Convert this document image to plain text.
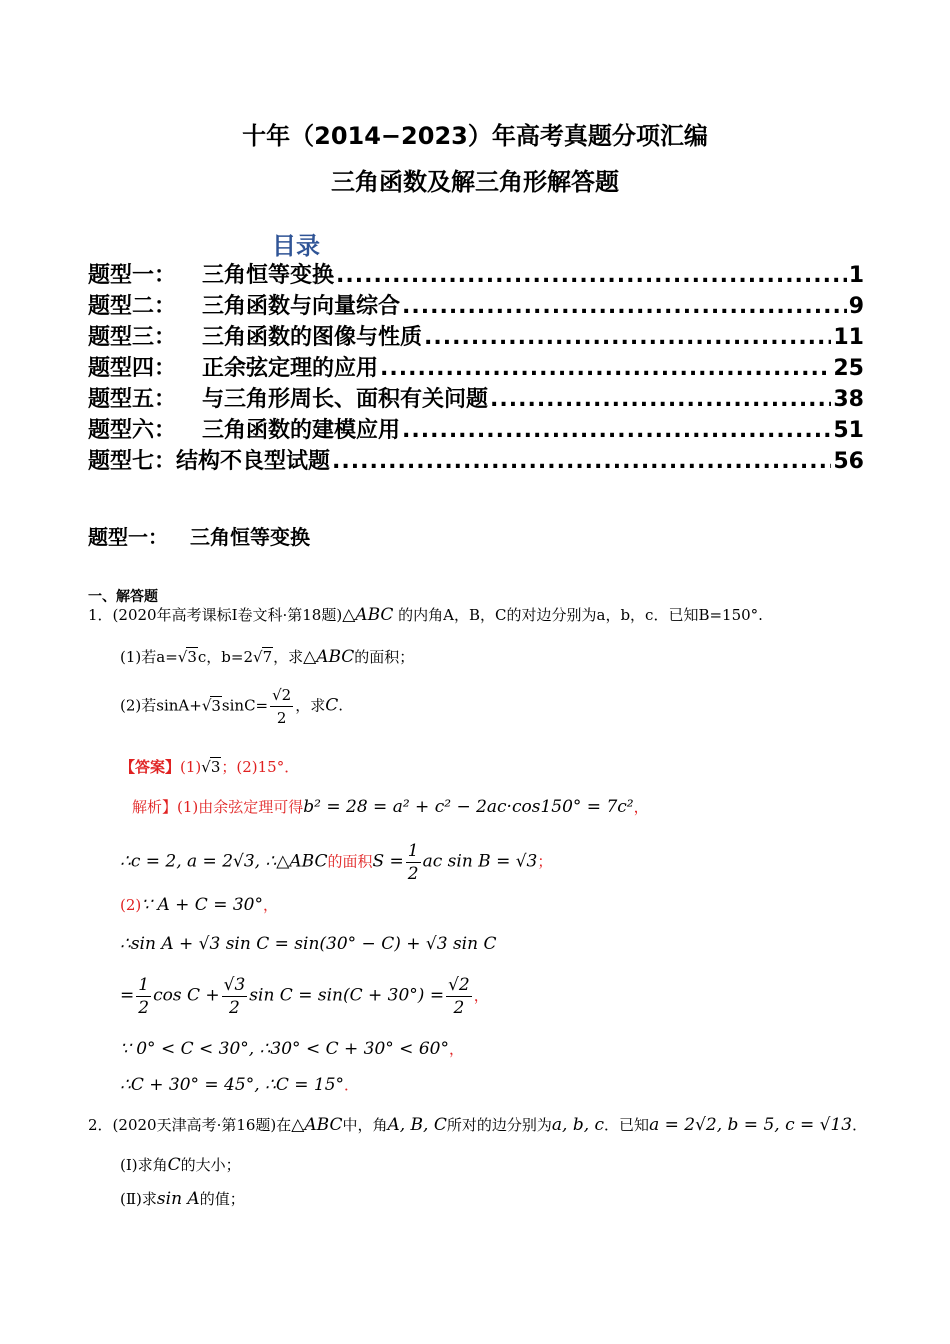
十年（2014−2023）年高考真题分项汇编
三角函数及解三角形解答题
目录
题型一： 三角恒等变换 .....	1
题型二： 三角函数与向量综合 .....	9
题型三： 三角函数的图像与性质 .....	11
题型四： 正余弦定理的应用 .....	25
题型五： 与三角形周长、面积有关问题 .....	38
题型六： 三角函数的建模应用 .....	51
题型七：结构不良型试题 .....	56
题型一： 三角恒等变换
一、解答题
1．(2020年高考课标Ⅰ卷文科·第18题)△ABC 的内角A，B，C的对边分别为a，b，c．已知B=150°.
(1)若a=√3c，b=2√7，求△ABC的面积；
(2)若$\sin A+√3\sin C= \frac{√2}{2}$ ，求C.
【答案】(1)√3；(2)15°．
解析】(1)由余弦定理可得b² = 28 = a² + c² − 2ac·cos150° = 7c²，
∴c = 2, a = 2√3, ∴△ABC的面积$S = \frac{1}{2}$ ac sin B = √3；
(2)∵ A + C = 30°，
∴sin A + √3 sin C = sin(30° − C) + √3 sin C
= $\frac{1}{2}$ $\cos C + \frac{√3}{2}$ $\sin C = \sin(C + 30^\circ) = \frac{√2}{2}$ ，
∵ 0° < C < 30°, ∴30° < C + 30° < 60°，
∴C + 30° = 45°, ∴C = 15°．
2．(2020天津高考·第16题)在△ABC中，角A, B, C所对的边分别为a, b, c．已知a = 2√2, b = 5, c = √13．
(Ⅰ)求角C的大小；
(Ⅱ)求sin A的值；
